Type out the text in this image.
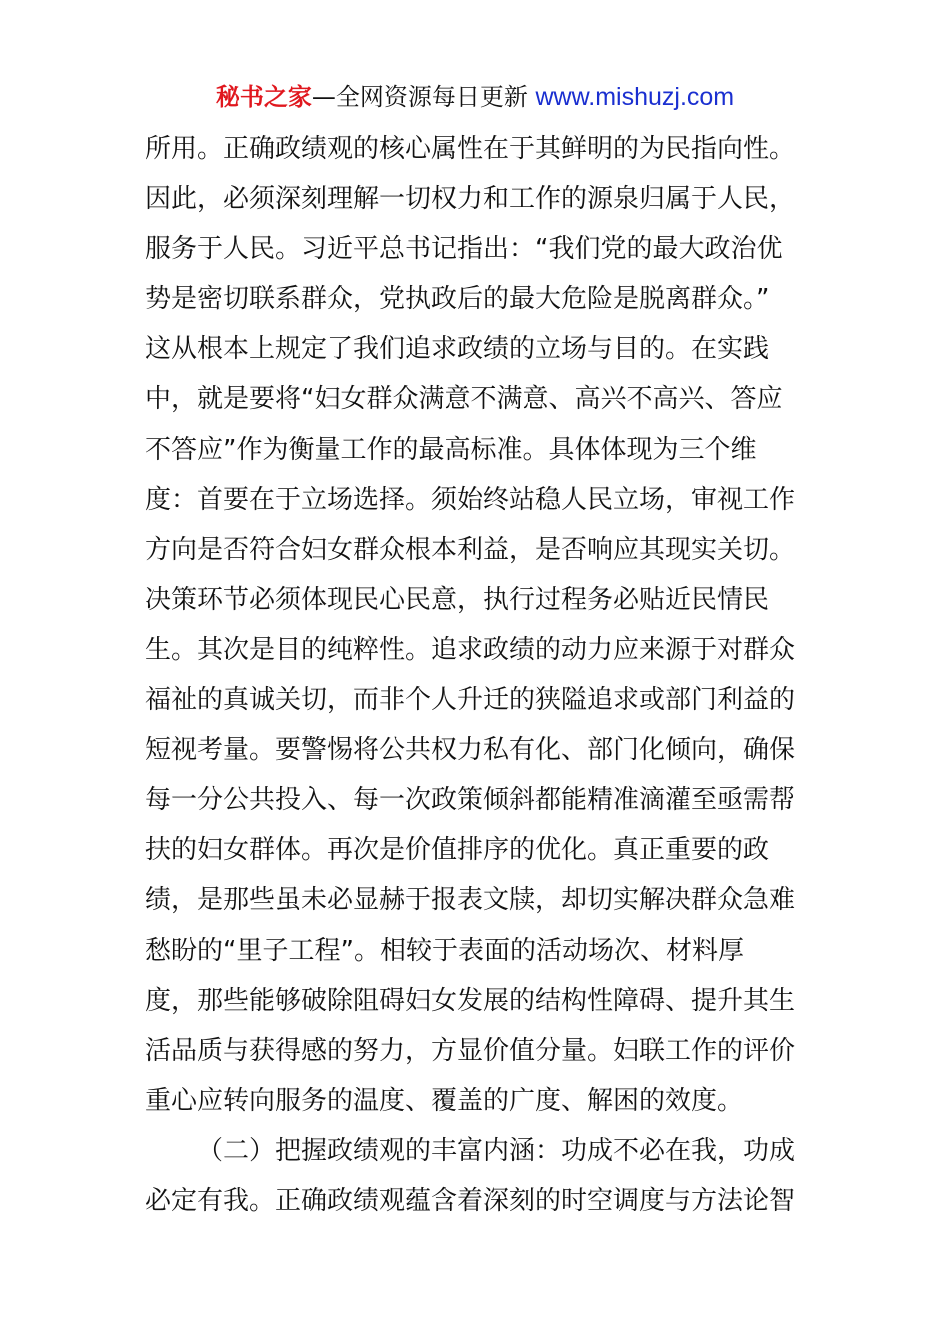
秘书之家—全网资源每日更新 www.mishuzj.com
所用。正确政绩观的核心属性在于其鲜明的为民指向性。
因此，必须深刻理解一切权力和工作的源泉归属于人民，
服务于人民。习近平总书记指出：“我们党的最大政治优
势是密切联系群众，党执政后的最大危险是脱离群众。”
这从根本上规定了我们追求政绩的立场与目的。在实践
中，就是要将“妇女群众满意不满意、高兴不高兴、答应
不答应”作为衡量工作的最高标准。具体体现为三个维
度：首要在于立场选择。须始终站稳人民立场，审视工作
方向是否符合妇女群众根本利益，是否响应其现实关切。
决策环节必须体现民心民意，执行过程务必贴近民情民
生。其次是目的纯粹性。追求政绩的动力应来源于对群众
福祉的真诚关切，而非个人升迁的狭隘追求或部门利益的
短视考量。要警惕将公共权力私有化、部门化倾向，确保
每一分公共投入、每一次政策倾斜都能精准滴灌至亟需帮
扶的妇女群体。再次是价值排序的优化。真正重要的政
绩，是那些虽未必显赫于报表文牍，却切实解决群众急难
愁盼的“里子工程”。相较于表面的活动场次、材料厚
度，那些能够破除阻碍妇女发展的结构性障碍、提升其生
活品质与获得感的努力，方显价值分量。妇联工作的评价
重心应转向服务的温度、覆盖的广度、解困的效度。
（二）把握政绩观的丰富内涵：功成不必在我，功成
必定有我。正确政绩观蕴含着深刻的时空调度与方法论智
